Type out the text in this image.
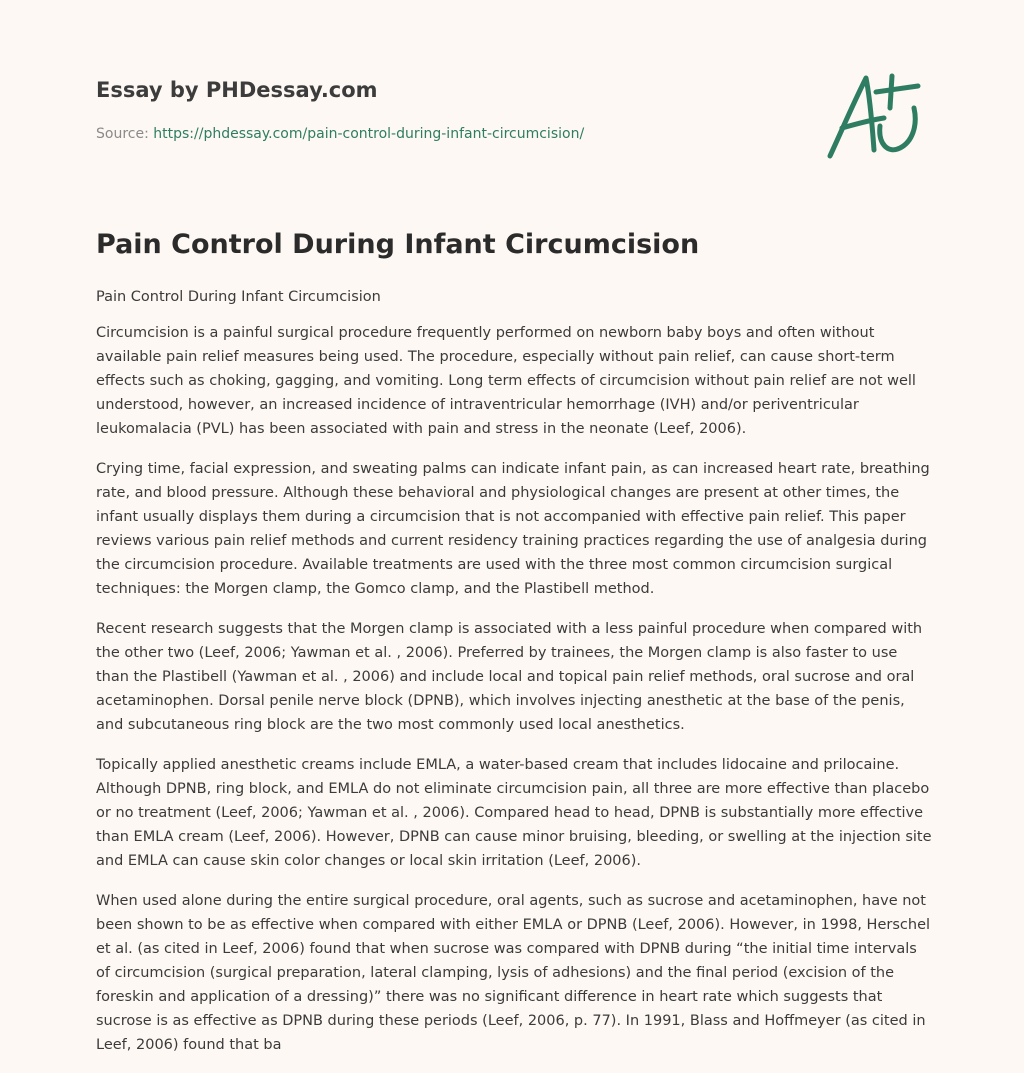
Essay by PHDessay.com
Source: https://phdessay.com/pain-control-during-infant-circumcision/
Pain Control During Infant Circumcision

Pain Control During Infant Circumcision

Circumcision is a painful surgical procedure frequently performed on newborn baby boys and often without available pain relief measures being used. The procedure, especially without pain relief, can cause short-term effects such as choking, gagging, and vomiting. Long term effects of circumcision without pain relief are not well understood, however, an increased incidence of intraventricular hemorrhage (IVH) and/or periventricular leukomalacia (PVL) has been associated with pain and stress in the neonate (Leef, 2006).

Crying time, facial expression, and sweating palms can indicate infant pain, as can increased heart rate, breathing rate, and blood pressure. Although these behavioral and physiological changes are present at other times, the infant usually displays them during a circumcision that is not accompanied with effective pain relief. This paper reviews various pain relief methods and current residency training practices regarding the use of analgesia during the circumcision procedure. Available treatments are used with the three most common circumcision surgical techniques: the Morgen clamp, the Gomco clamp, and the Plastibell method.

Recent research suggests that the Morgen clamp is associated with a less painful procedure when compared with the other two (Leef, 2006; Yawman et al. , 2006). Preferred by trainees, the Morgen clamp is also faster to use than the Plastibell (Yawman et al. , 2006) and include local and topical pain relief methods, oral sucrose and oral acetaminophen. Dorsal penile nerve block (DPNB), which involves injecting anesthetic at the base of the penis, and subcutaneous ring block are the two most commonly used local anesthetics.

Topically applied anesthetic creams include EMLA, a water-based cream that includes lidocaine and prilocaine. Although DPNB, ring block, and EMLA do not eliminate circumcision pain, all three are more effective than placebo or no treatment (Leef, 2006; Yawman et al. , 2006). Compared head to head, DPNB is substantially more effective than EMLA cream (Leef, 2006). However, DPNB can cause minor bruising, bleeding, or swelling at the injection site and EMLA can cause skin color changes or local skin irritation (Leef, 2006).

When used alone during the entire surgical procedure, oral agents, such as sucrose and acetaminophen, have not been shown to be as effective when compared with either EMLA or DPNB (Leef, 2006). However, in 1998, Herschel et al. (as cited in Leef, 2006) found that when sucrose was compared with DPNB during “the initial time intervals of circumcision (surgical preparation, lateral clamping, lysis of adhesions) and the final period (excision of the foreskin and application of a dressing)” there was no significant difference in heart rate which suggests that sucrose is as effective as DPNB during these periods (Leef, 2006, p. 77). In 1991, Blass and Hoffmeyer (as cited in Leef, 2006) found that ba
